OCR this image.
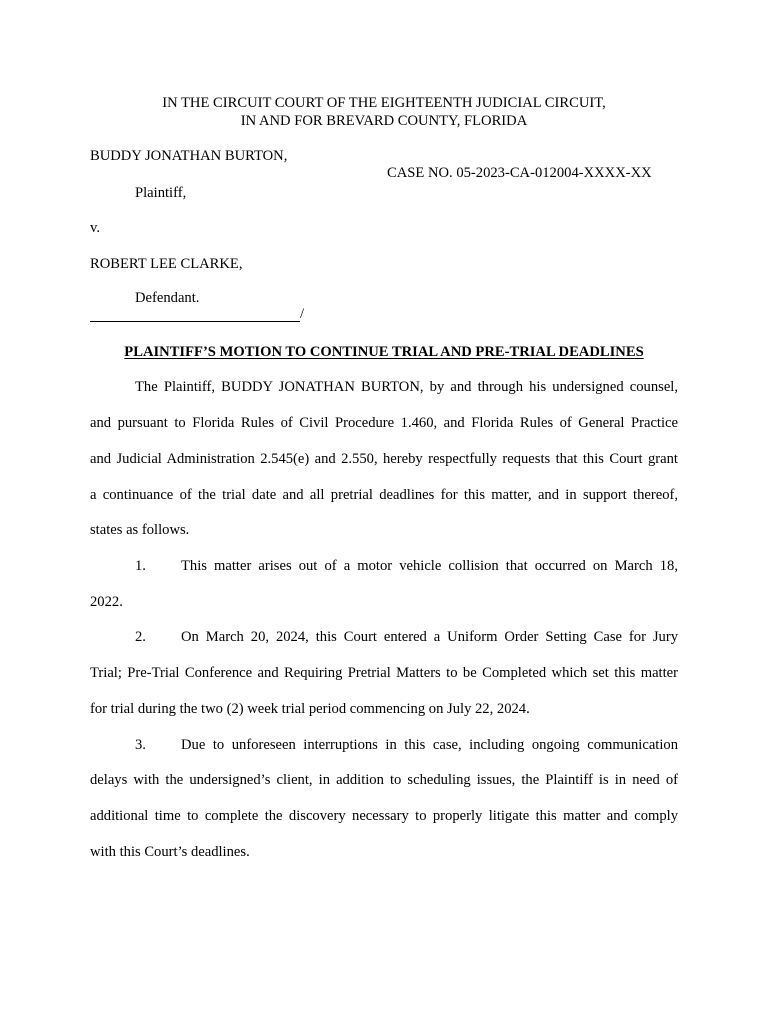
IN THE CIRCUIT COURT OF THE EIGHTEENTH JUDICIAL CIRCUIT,
IN AND FOR BREVARD COUNTY, FLORIDA
BUDDY JONATHAN BURTON,
CASE NO. 05-2023-CA-012004-XXXX-XX
Plaintiff,
v.
ROBERT LEE CLARKE,
Defendant.
/
PLAINTIFF’S MOTION TO CONTINUE TRIAL AND PRE-TRIAL DEADLINES
The Plaintiff, BUDDY JONATHAN BURTON, by and through his undersigned counsel,
and pursuant to Florida Rules of Civil Procedure 1.460, and Florida Rules of General Practice
and Judicial Administration 2.545(e) and 2.550, hereby respectfully requests that this Court grant
a continuance of the trial date and all pretrial deadlines for this matter, and in support thereof,
states as follows.
1. This matter arises out of a motor vehicle collision that occurred on March 18,
2022.
2. On March 20, 2024, this Court entered a Uniform Order Setting Case for Jury
Trial; Pre-Trial Conference and Requiring Pretrial Matters to be Completed which set this matter
for trial during the two (2) week trial period commencing on July 22, 2024.
3. Due to unforeseen interruptions in this case, including ongoing communication
delays with the undersigned’s client, in addition to scheduling issues, the Plaintiff is in need of
additional time to complete the discovery necessary to properly litigate this matter and comply
with this Court’s deadlines.
